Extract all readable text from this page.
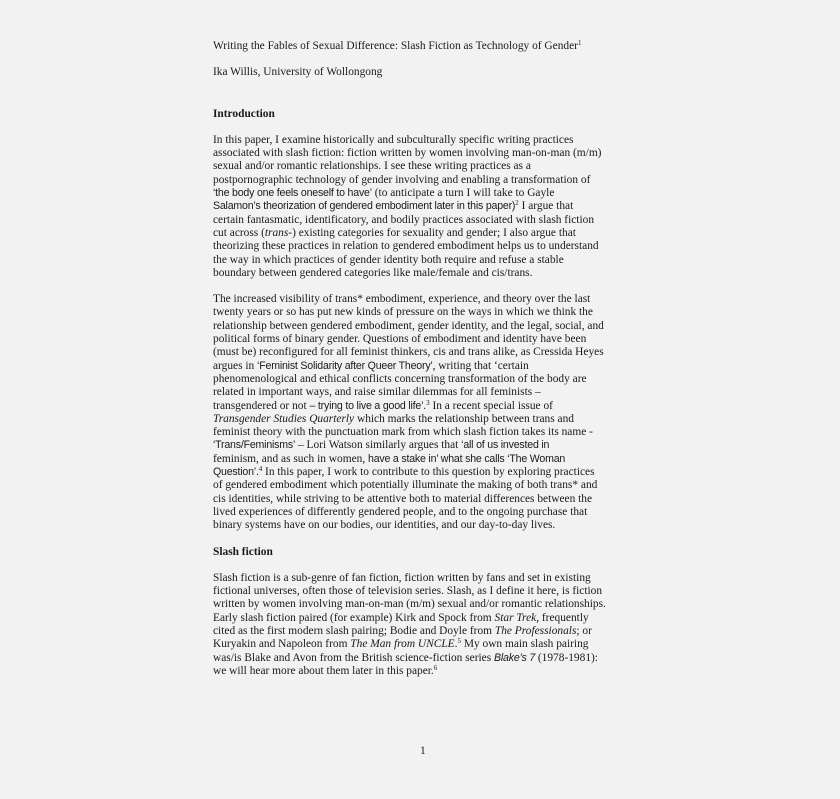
Writing the Fables of Sexual Difference: Slash Fiction as Technology of Gender$^1$

Ika Willis, University of Wollongong

Introduction

In this paper, I examine historically and subculturally specific writing practices
associated with slash fiction: fiction written by women involving man-on-man (m/m)
sexual and/or romantic relationships. I see these writing practices as a
postpornographic technology of gender involving and enabling a transformation of
‘the body one feels oneself to have’ (to anticipate a turn I will take to Gayle
Salamon’s theorization of gendered embodiment later in this paper)$^2$ I argue that
certain fantasmatic, identificatory, and bodily practices associated with slash fiction
cut across (trans-) existing categories for sexuality and gender; I also argue that
theorizing these practices in relation to gendered embodiment helps us to understand
the way in which practices of gender identity both require and refuse a stable
boundary between gendered categories like male/female and cis/trans.

The increased visibility of trans* embodiment, experience, and theory over the last
twenty years or so has put new kinds of pressure on the ways in which we think the
relationship between gendered embodiment, gender identity, and the legal, social, and
political forms of binary gender. Questions of embodiment and identity have been
(must be) reconfigured for all feminist thinkers, cis and trans alike, as Cressida Heyes
argues in ‘Feminist Solidarity after Queer Theory’, writing that ‘certain
phenomenological and ethical conflicts concerning transformation of the body are
related in important ways, and raise similar dilemmas for all feminists –
transgendered or not – trying to live a good life’.$^3$ In a recent special issue of
Transgender Studies Quarterly which marks the relationship between trans and
feminist theory with the punctuation mark from which slash fiction takes its name -
‘Trans/Feminisms’ – Lori Watson similarly argues that ‘all of us invested in
feminism, and as such in women, have a stake in’ what she calls ‘The Woman
Question’.$^4$ In this paper, I work to contribute to this question by exploring practices
of gendered embodiment which potentially illuminate the making of both trans* and
cis identities, while striving to be attentive both to material differences between the
lived experiences of differently gendered people, and to the ongoing purchase that
binary systems have on our bodies, our identities, and our day-to-day lives.

Slash fiction

Slash fiction is a sub-genre of fan fiction, fiction written by fans and set in existing
fictional universes, often those of television series. Slash, as I define it here, is fiction
written by women involving man-on-man (m/m) sexual and/or romantic relationships.
Early slash fiction paired (for example) Kirk and Spock from Star Trek, frequently
cited as the first modern slash pairing; Bodie and Doyle from The Professionals; or
Kuryakin and Napoleon from The Man from UNCLE.$^5$ My own main slash pairing
was/is Blake and Avon from the British science-fiction series Blake’s 7 (1978-1981):
we will hear more about them later in this paper.$^6$

1
